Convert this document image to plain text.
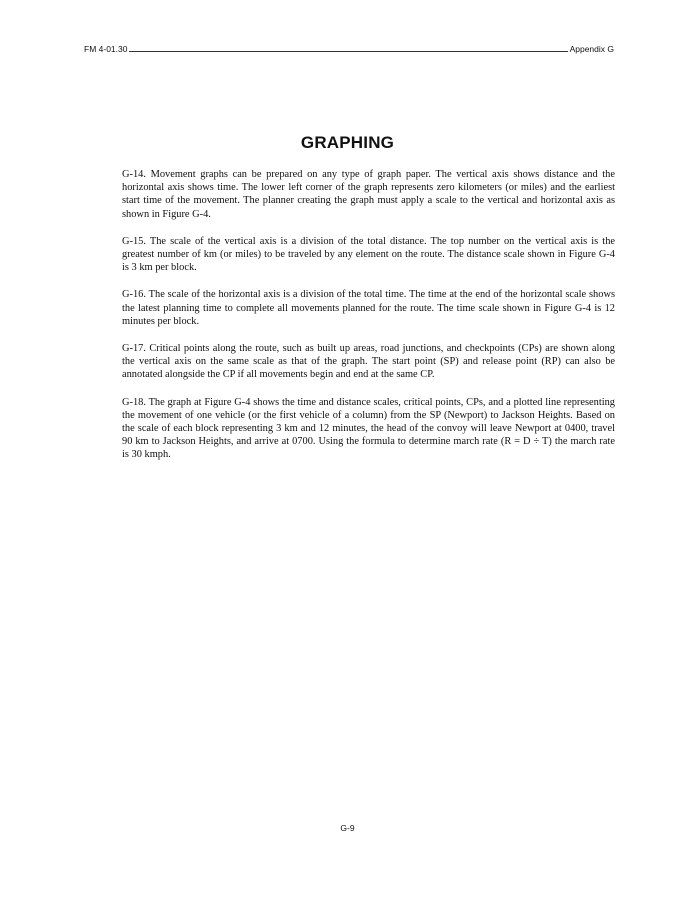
FM 4-01.30	Appendix G
GRAPHING

G-14. Movement graphs can be prepared on any type of graph paper. The vertical axis shows distance and the horizontal axis shows time. The lower left corner of the graph represents zero kilometers (or miles) and the earliest start time of the movement. The planner creating the graph must apply a scale to the vertical and horizontal axis as shown in Figure G-4.

G-15. The scale of the vertical axis is a division of the total distance. The top number on the vertical axis is the greatest number of km (or miles) to be traveled by any element on the route. The distance scale shown in Figure G-4 is 3 km per block.

G-16. The scale of the horizontal axis is a division of the total time. The time at the end of the horizontal scale shows the latest planning time to complete all movements planned for the route. The time scale shown in Figure G-4 is 12 minutes per block.

G-17. Critical points along the route, such as built up areas, road junctions, and checkpoints (CPs) are shown along the vertical axis on the same scale as that of the graph. The start point (SP) and release point (RP) can also be annotated alongside the CP if all movements begin and end at the same CP.

G-18. The graph at Figure G-4 shows the time and distance scales, critical points, CPs, and a plotted line representing the movement of one vehicle (or the first vehicle of a column) from the SP (Newport) to Jackson Heights. Based on the scale of each block representing 3 km and 12 minutes, the head of the convoy will leave Newport at 0400, travel 90 km to Jackson Heights, and arrive at 0700. Using the formula to determine march rate (R = D ÷ T) the march rate is 30 kmph.

G-9
